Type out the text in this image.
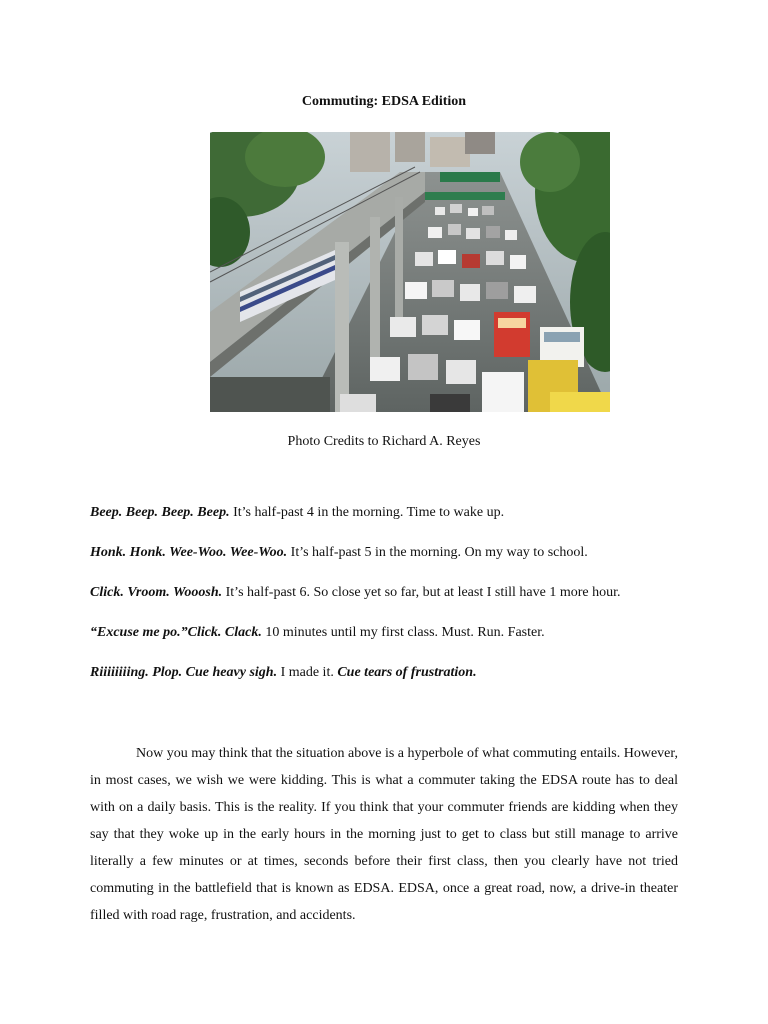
Commuting: EDSA Edition

Photo Credits to Richard A. Reyes

Beep. Beep. Beep. Beep. It’s half-past 4 in the morning. Time to wake up.
Honk. Honk. Wee-Woo. Wee-Woo. It’s half-past 5 in the morning. On my way to school.
Click. Vroom. Wooosh. It’s half-past 6. So close yet so far, but at least I still have 1 more hour.
“Excuse me po.”Click. Clack. 10 minutes until my first class. Must. Run. Faster.
Riiiiiiiing. Plop. Cue heavy sigh. I made it. Cue tears of frustration.

Now you may think that the situation above is a hyperbole of what commuting entails. However, in most cases, we wish we were kidding. This is what a commuter taking the EDSA route has to deal with on a daily basis. This is the reality. If you think that your commuter friends are kidding when they say that they woke up in the early hours in the morning just to get to class but still manage to arrive literally a few minutes or at times, seconds before their first class, then you clearly have not tried commuting in the battlefield that is known as EDSA. EDSA, once a great road, now, a drive-in theater filled with road rage, frustration, and accidents.
